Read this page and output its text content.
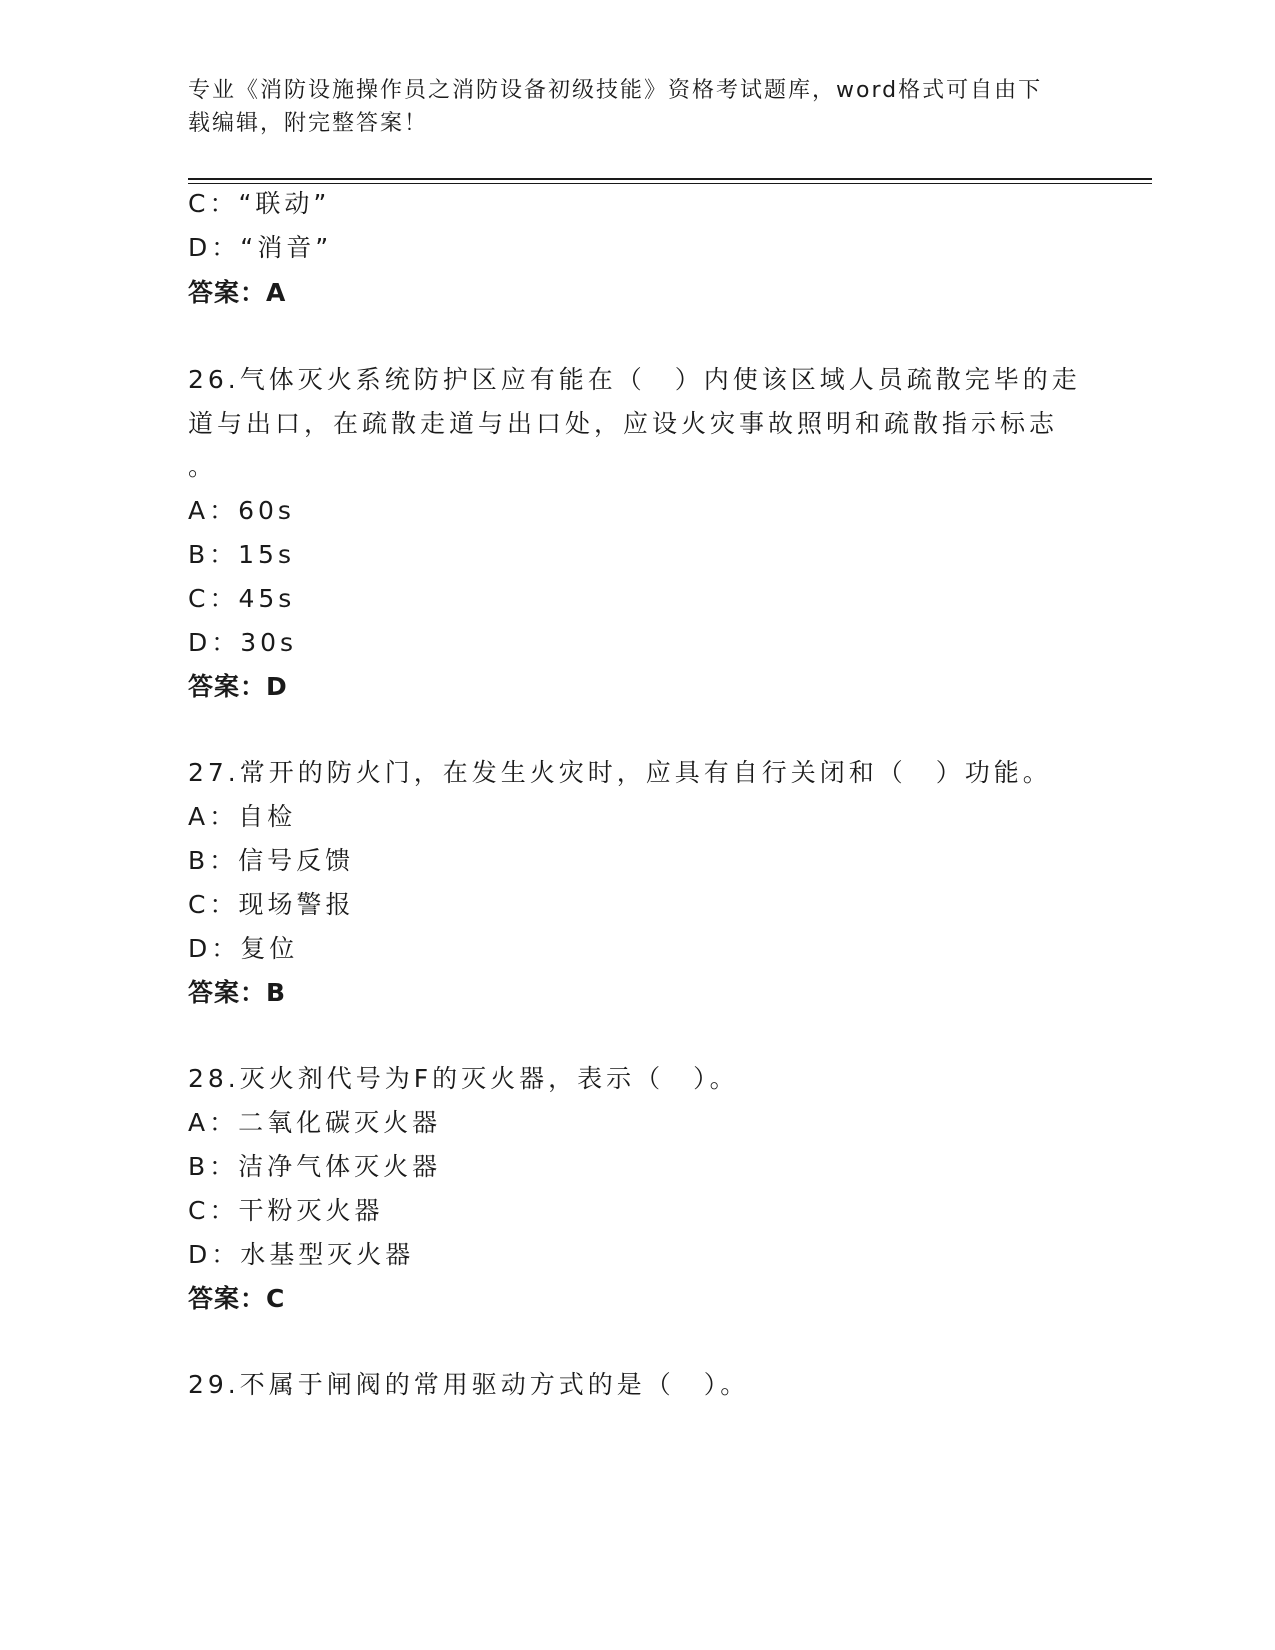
专业《消防设施操作员之消防设备初级技能》资格考试题库，word格式可自由下
载编辑，附完整答案！
C：“联动”
D：“消音”
答案：A
26.气体灭火系统防护区应有能在（　）内使该区域人员疏散完毕的走
道与出口，在疏散走道与出口处，应设火灾事故照明和疏散指示标志
。
A：60s
B：15s
C：45s
D：30s
答案：D
27.常开的防火门，在发生火灾时，应具有自行关闭和（　）功能。
A：自检
B：信号反馈
C：现场警报
D：复位
答案：B
28.灭火剂代号为F的灭火器，表示（　）。
A：二氧化碳灭火器
B：洁净气体灭火器
C：干粉灭火器
D：水基型灭火器
答案：C
29.不属于闸阀的常用驱动方式的是（　）。
